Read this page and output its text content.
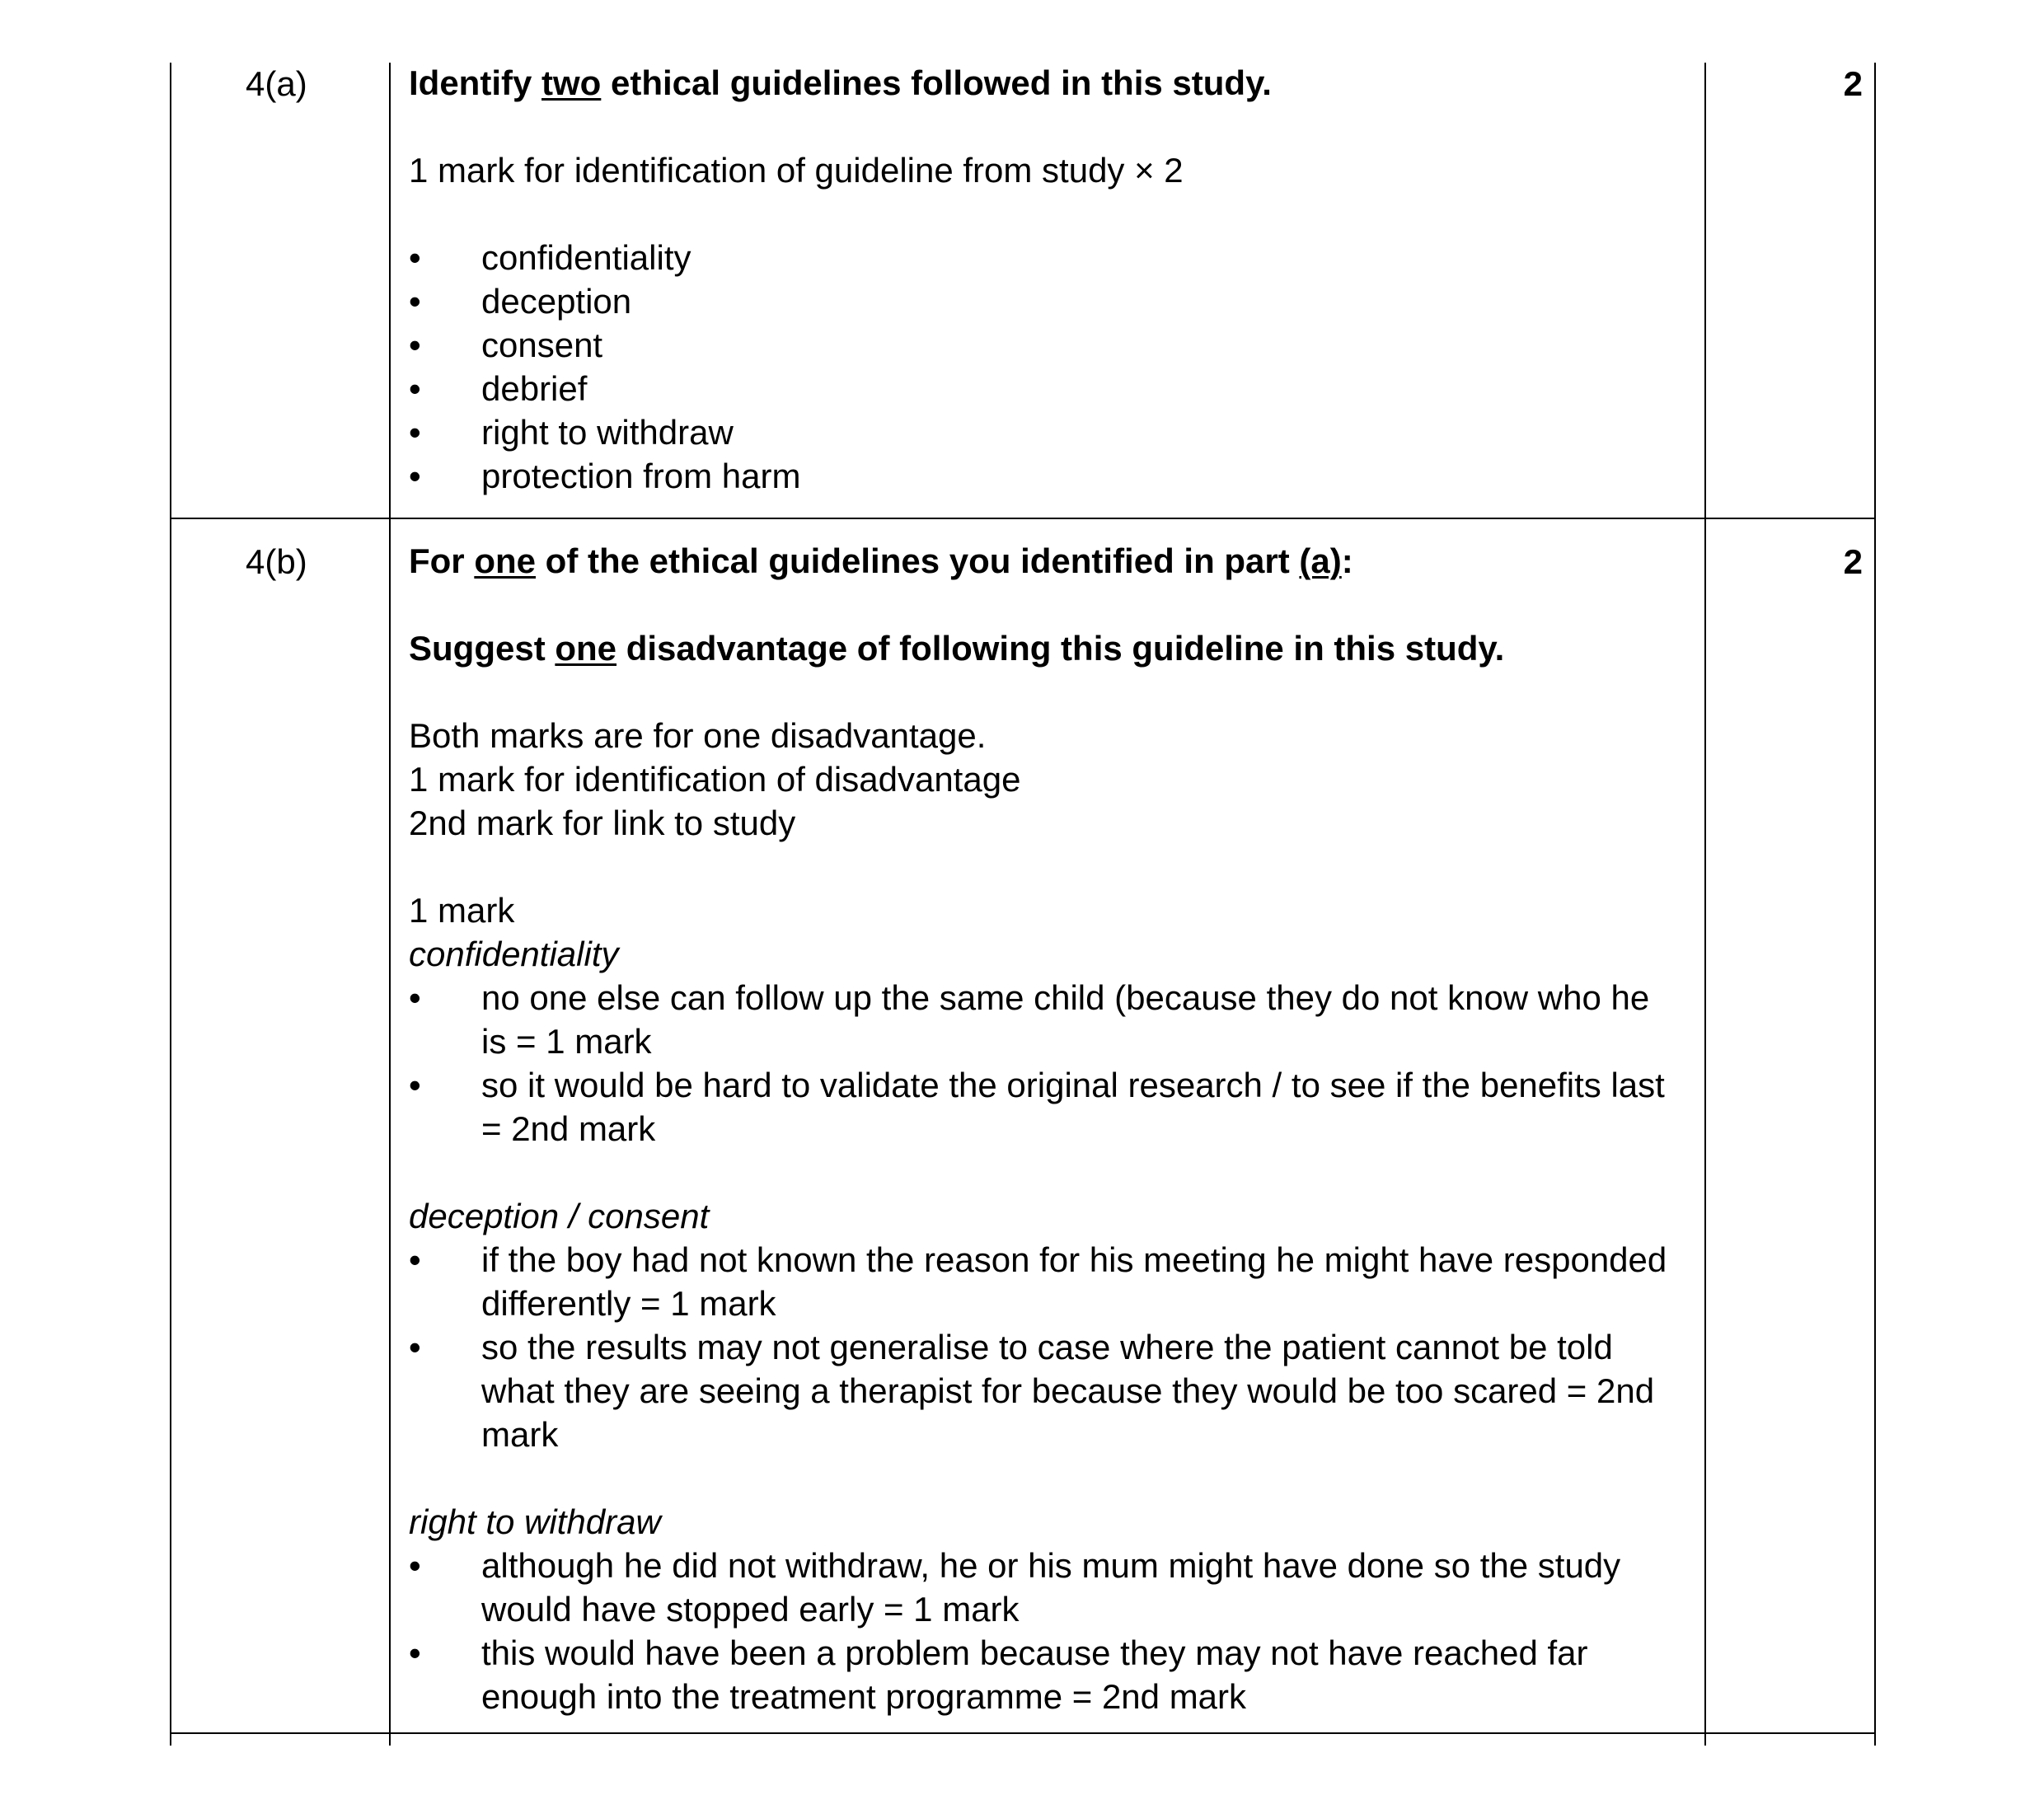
4(a)	2
Identify two ethical guidelines followed in this study.
1 mark for identification of guideline from study × 2
• confidentiality
• deception
• consent
• debrief
• right to withdraw
• protection from harm
4(b)	2
For one of the ethical guidelines you identified in part (a):
Suggest one disadvantage of following this guideline in this study.
Both marks are for one disadvantage.
1 mark for identification of disadvantage
2nd mark for link to study
1 mark
confidentiality
• no one else can follow up the same child (because they do not know who he is = 1 mark
• so it would be hard to validate the original research / to see if the benefits last = 2nd mark
deception / consent
• if the boy had not known the reason for his meeting he might have responded differently = 1 mark
• so the results may not generalise to case where the patient cannot be told what they are seeing a therapist for because they would be too scared = 2nd mark
right to withdraw
• although he did not withdraw, he or his mum might have done so the study would have stopped early = 1 mark
• this would have been a problem because they may not have reached far enough into the treatment programme = 2nd mark
